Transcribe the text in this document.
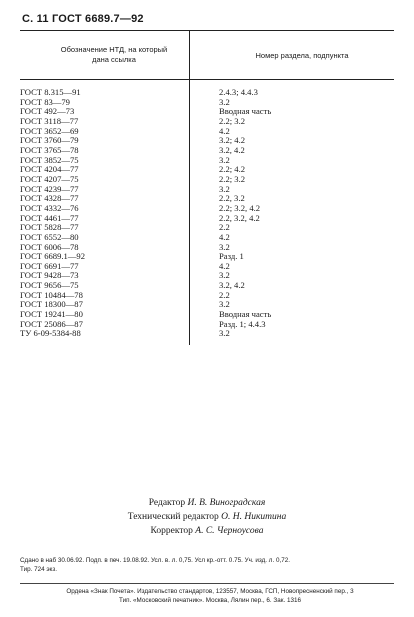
С. 11 ГОСТ 6689.7—92
Обозначение НТД, на который
дана ссылка	Номер раздела, подпункта
ГОСТ 8.315—91	2.4.3; 4.4.3
ГОСТ 83—79	3.2
ГОСТ 492—73	Вводная часть
ГОСТ 3118—77	2.2; 3.2
ГОСТ 3652—69	4.2
ГОСТ 3760—79	3.2; 4.2
ГОСТ 3765—78	3.2, 4.2
ГОСТ 3852—75	3.2
ГОСТ 4204—77	2.2; 4.2
ГОСТ 4207—75	2.2; 3.2
ГОСТ 4239—77	3.2
ГОСТ 4328—77	2.2, 3.2
ГОСТ 4332—76	2.2; 3.2, 4.2
ГОСТ 4461—77	2.2, 3.2, 4.2
ГОСТ 5828—77	2.2
ГОСТ 6552—80	4.2
ГОСТ 6006—78	3.2
ГОСТ 6689.1—92	Разд. 1
ГОСТ 6691—77	4.2
ГОСТ 9428—73	3.2
ГОСТ 9656—75	3.2, 4.2
ГОСТ 10484—78	2.2
ГОСТ 18300—87	3.2
ГОСТ 19241—80	Вводная часть
ГОСТ 25086—87	Разд. 1; 4.4.3
ТУ 6‑09‑5384‑88	3.2
Редактор И. В. Виноградская
Технический редактор О. Н. Никитина
Корректор А. С. Черноусова
Сдано в наб 30.06.92. Подп. в печ. 19.08.92. Усл. в. л. 0,75. Усл кр.-отт. 0.75. Уч. изд. л. 0,72.
Тир. 724 экз.
Ордена «Знак Почета». Издательство стандартов, 123557, Москва, ГСП, Новопресненский пер., 3
Тип. «Московский печатник». Москва, Лялин пер., 6. Зак. 1316
